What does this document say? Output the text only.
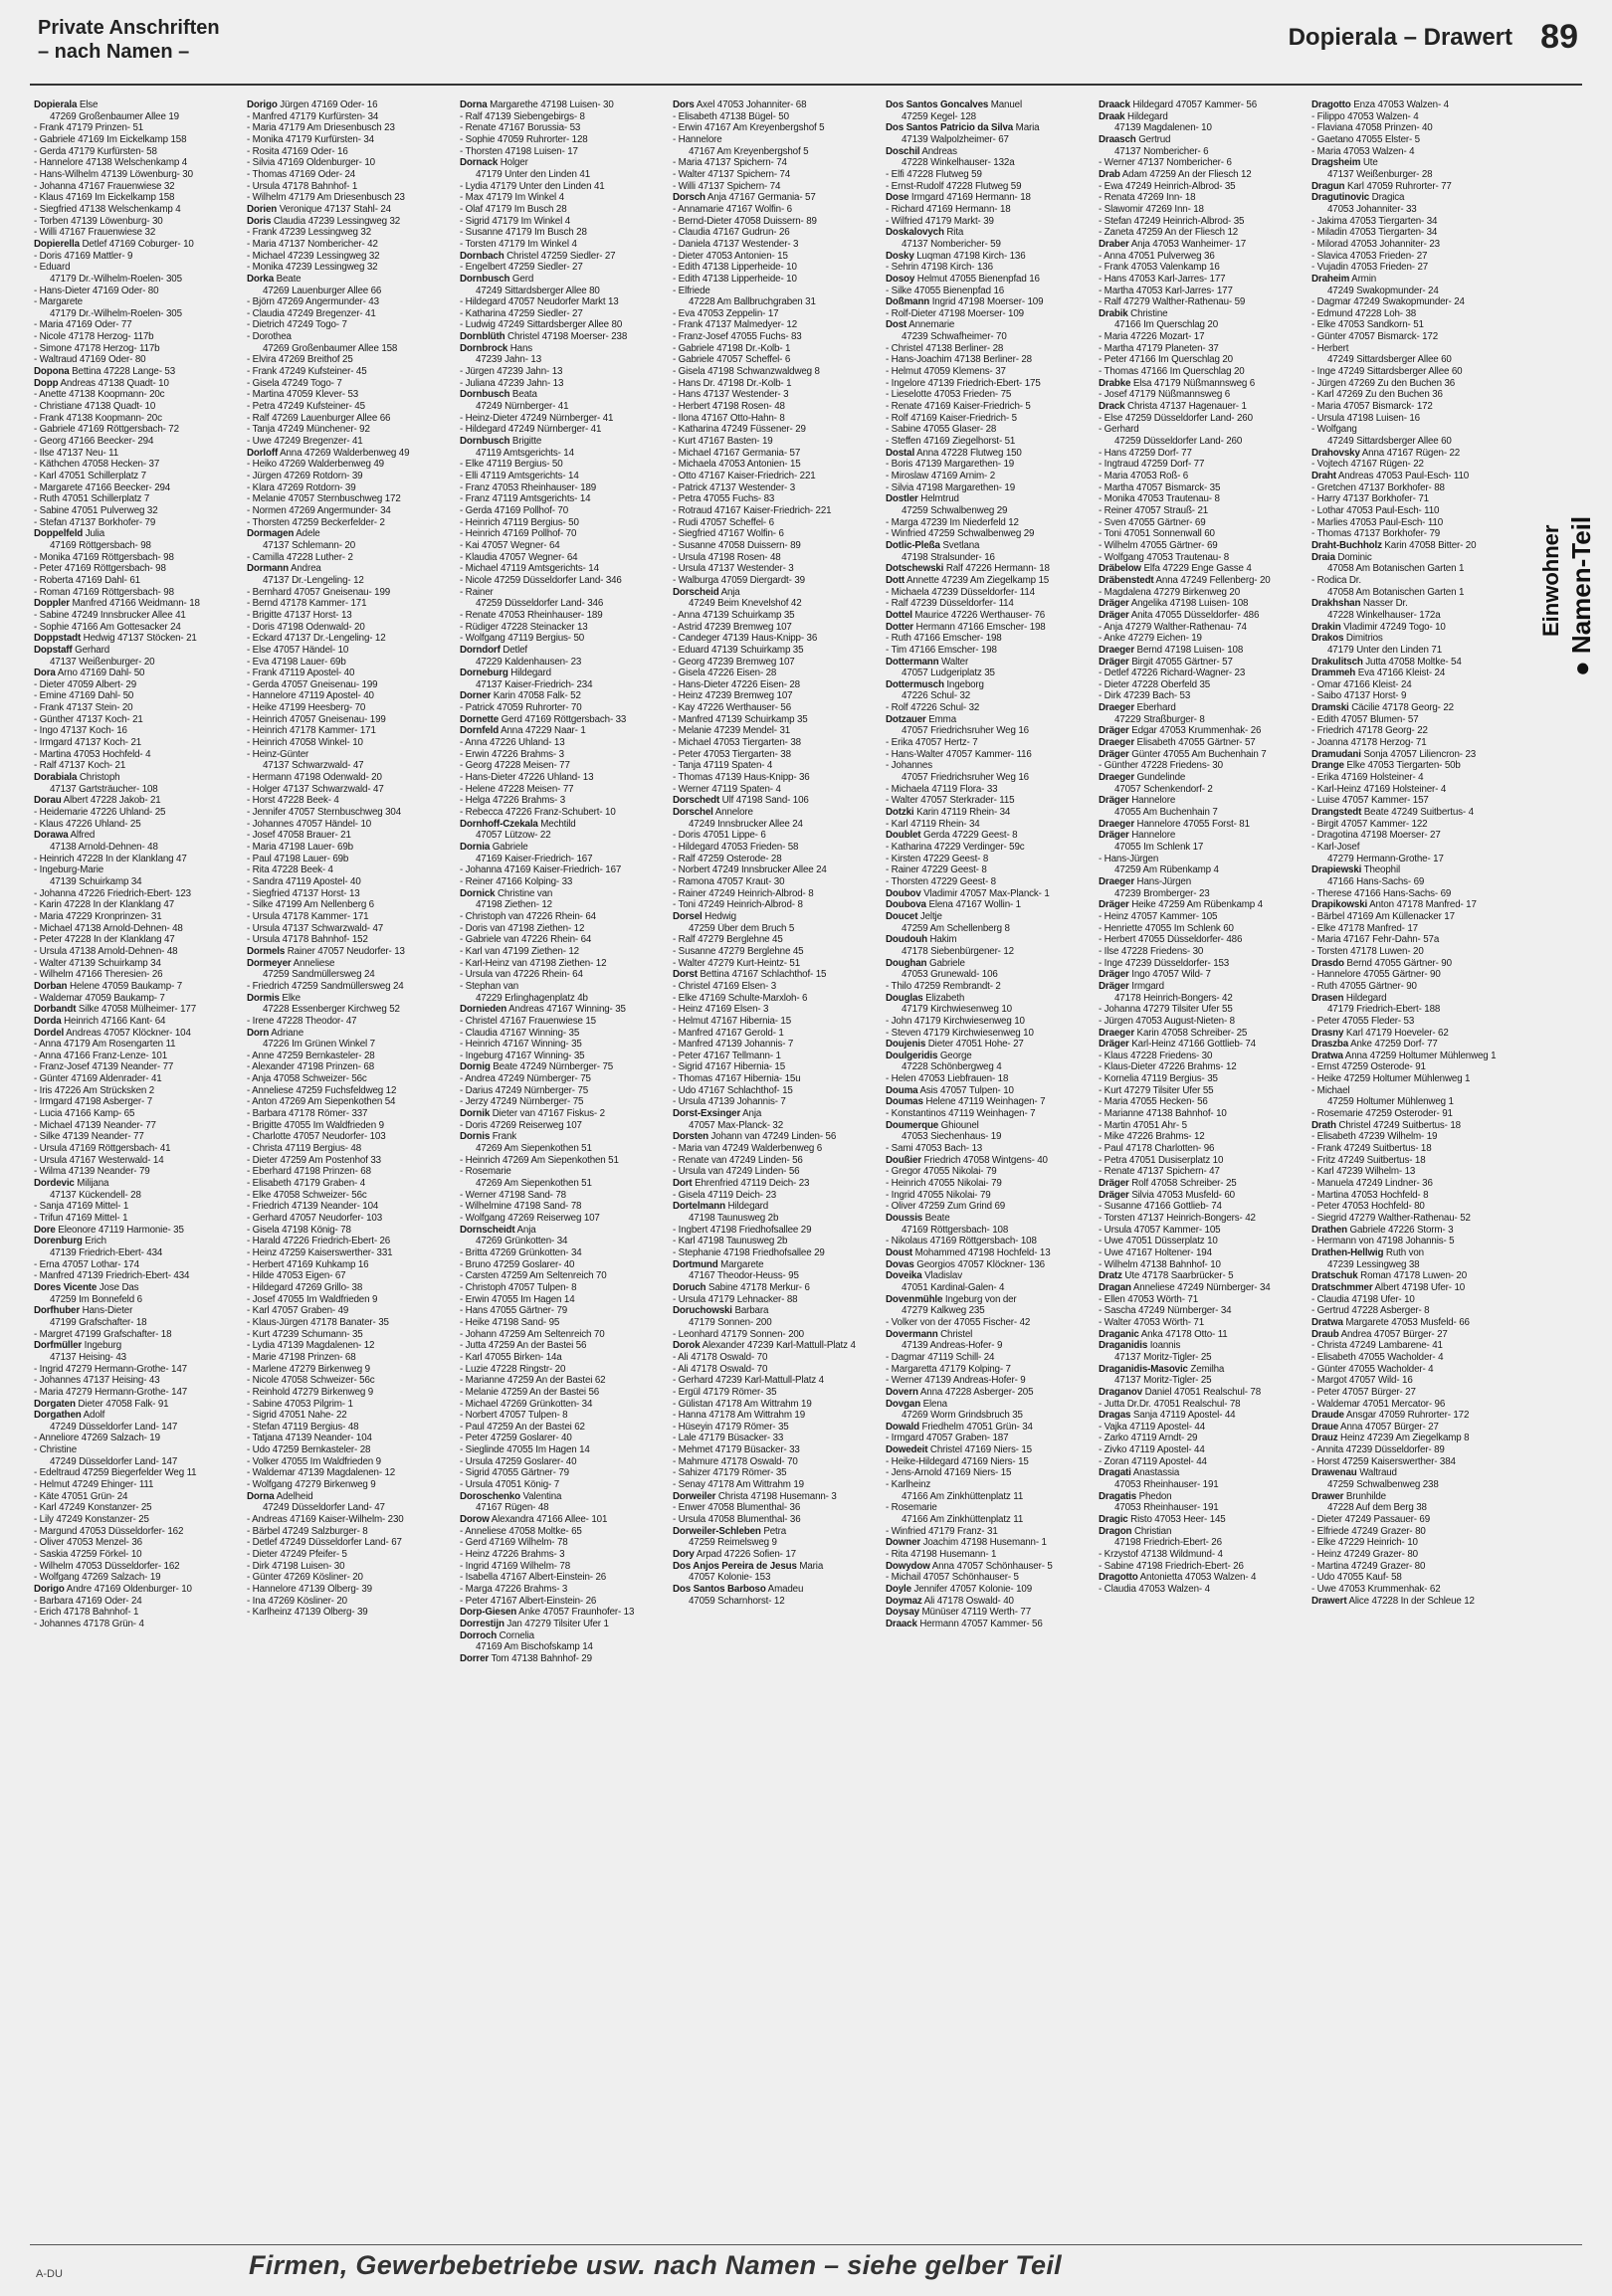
Private Anschriften
– nach Namen –
Dopierala – Drawert 89
Dopierala Else
47269 Großenbaumer Allee 19
- Frank 47179 Prinzen- 51
- Gabriele 47169 Im Eickelkamp 158
- Gerda 47179 Kurfürsten- 58
- Hannelore 47138 Welschenkamp 4
- Hans-Wilhelm 47139 Löwenburg- 30
- Johanna 47167 Frauenwiese 32
- Klaus 47169 Im Eickelkamp 158
- Siegfried 47138 Welschenkamp 4
- Torben 47139 Löwenburg- 30
- Willi 47167 Frauenwiese 32
Dopierella Detlef 47169 Coburger- 10
- Doris 47169 Mattler- 9
- Eduard
47179 Dr.-Wilhelm-Roelen- 305
- Hans-Dieter 47169 Oder- 80
- Margarete
47179 Dr.-Wilhelm-Roelen- 305
- Maria 47169 Oder- 77
- Nicole 47178 Herzog- 117b
- Simone 47178 Herzog- 117b
- Waltraud 47169 Oder- 80
Dopona Bettina 47228 Lange- 53
Dopp Andreas 47138 Quadt- 10
- Anette 47138 Koopmann- 20c
- Christiane 47138 Quadt- 10
- Frank 47138 Koopmann- 20c
- Gabriele 47169 Röttgersbach- 72
- Georg 47166 Beecker- 294
- Ilse 47137 Neu- 11
- Käthchen 47058 Hecken- 37
- Karl 47051 Schillerplatz 7
- Margarete 47166 Beecker- 294
- Ruth 47051 Schillerplatz 7
- Sabine 47051 Pulverweg 32
- Stefan 47137 Borkhofer- 79
Doppelfeld Julia
47169 Röttgersbach- 98
- Monika 47169 Röttgersbach- 98
- Peter 47169 Röttgersbach- 98
- Roberta 47169 Dahl- 61
- Roman 47169 Röttgersbach- 98
Doppler Manfred 47166 Weidmann- 18
- Sabine 47249 Innsbrucker Allee 41
- Sophie 47166 Am Gottesacker 24
Doppstadt Hedwig 47137 Stöcken- 21
Dopstaff Gerhard
47137 Weißenburger- 20
Dora Arno 47169 Dahl- 50
- Dieter 47059 Albert- 29
- Emine 47169 Dahl- 50
- Frank 47137 Stein- 20
- Günther 47137 Koch- 21
- Ingo 47137 Koch- 16
- Irmgard 47137 Koch- 21
- Martina 47053 Hochfeld- 4
- Ralf 47137 Koch- 21
Dorabiala Christoph
47137 Gartsträucher- 108
Dorau Albert 47228 Jakob- 21
- Heidemarie 47226 Uhland- 25
- Klaus 47226 Uhland- 25
Dorawa Alfred
47138 Arnold-Dehnen- 48
- Heinrich 47228 In der Klanklang 47
- Ingeburg-Marie
47139 Schuirkamp 34
- Johanna 47226 Friedrich-Ebert- 123
- Karin 47228 In der Klanklang 47
- Maria 47229 Kronprinzen- 31
- Michael 47138 Arnold-Dehnen- 48
- Peter 47228 In der Klanklang 47
- Ursula 47138 Arnold-Dehnen- 48
- Walter 47139 Schuirkamp 34
- Wilhelm 47166 Theresien- 26
Dorban Helene 47059 Baukamp- 7
- Waldemar 47059 Baukamp- 7
Dorbandt Silke 47058 Mülheimer- 177
Dorda Heinrich 47166 Kant- 64
Dordel Andreas 47057 Klöckner- 104
- Anna 47179 Am Rosengarten 11
- Anna 47166 Franz-Lenze- 101
- Franz-Josef 47139 Neander- 77
- Günter 47169 Aldenrader- 41
- Iris 47226 Am Strücksken 2
- Irmgard 47198 Asberger- 7
- Lucia 47166 Kamp- 65
- Michael 47139 Neander- 77
- Silke 47139 Neander- 77
- Ursula 47169 Röttgersbach- 41
- Ursula 47167 Westerwald- 14
- Wilma 47139 Neander- 79
Dordevic Milijana
47137 Kückendell- 28
- Sanja 47169 Mittel- 1
- Trifun 47169 Mittel- 1
Dore Eleonore 47119 Harmonie- 35
Dorenburg Erich
47139 Friedrich-Ebert- 434
- Erna 47057 Lothar- 174
- Manfred 47139 Friedrich-Ebert- 434
Dores Vicente Jose Das
47259 Im Bonnefeld 6
Dorfhuber Hans-Dieter
47199 Grafschafter- 18
- Margret 47199 Grafschafter- 18
Dorfmüller Ingeburg
47137 Heising- 43
- Ingrid 47279 Hermann-Grothe- 147
- Johannes 47137 Heising- 43
- Maria 47279 Hermann-Grothe- 147
Dorgaten Dieter 47058 Falk- 91
Dorgathen Adolf
47249 Düsseldorfer Land- 147
- Anneliore 47269 Salzach- 19
- Christine
47249 Düsseldorfer Land- 147
- Edeltraud 47259 Biegerfelder Weg 11
- Helmut 47249 Ehinger- 111
- Käte 47051 Grün- 24
- Karl 47249 Konstanzer- 25
- Lily 47249 Konstanzer- 25
- Margund 47053 Düsseldorfer- 162
- Oliver 47053 Menzel- 36
- Saskia 47259 Förkel- 10
- Wilhelm 47053 Düsseldorfer- 162
- Wolfgang 47269 Salzach- 19
Dorigo Andre 47169 Oldenburger- 10
- Barbara 47169 Oder- 24
- Erich 47178 Bahnhof- 1
- Johannes 47178 Grün- 4
Dorigo Jürgen 47169 Oder- 16
- Manfred 47179 Kurfürsten- 34
- Maria 47179 Am Driesenbusch 23
- Monika 47179 Kurfürsten- 34
- Rosita 47169 Oder- 16
- Silvia 47169 Oldenburger- 10
- Thomas 47169 Oder- 24
- Ursula 47178 Bahnhof- 1
- Wilhelm 47179 Am Driesenbusch 23
Dorien Veronique 47137 Stahl- 24
Doris Claudia 47239 Lessingweg 32
- Frank 47239 Lessingweg 32
- Maria 47137 Nombericher- 42
- Michael 47239 Lessingweg 32
- Monika 47239 Lessingweg 32
Dorka Beate
47269 Lauenburger Allee 66
- Björn 47269 Angermunder- 43
- Claudia 47249 Bregenzer- 41
- Dietrich 47249 Togo- 7
- Dorothea
47269 Großenbaumer Allee 158
- Elvira 47269 Breithof 25
- Frank 47249 Kufsteiner- 45
- Gisela 47249 Togo- 7
- Martina 47059 Klever- 53
- Petra 47249 Kufsteiner- 45
- Ralf 47269 Lauenburger Allee 66
- Tanja 47249 Münchener- 92
- Uwe 47249 Bregenzer- 41
Dorloff Anna 47269 Walderbenweg 49
- Heiko 47269 Walderbenweg 49
- Jürgen 47269 Rotdorn- 39
- Klara 47269 Rotdorn- 39
- Melanie 47057 Sternbuschweg 172
- Normen 47269 Angermunder- 34
- Thorsten 47259 Beckerfelder- 2
Dormagen Adele
47137 Schlemann- 20
- Camilla 47228 Luther- 2
Dormann Andrea
47137 Dr.-Lengeling- 12
- Bernhard 47057 Gneisenau- 199
- Bernd 47178 Kammer- 171
- Brigitte 47137 Horst- 13
- Doris 47198 Odenwald- 20
- Eckard 47137 Dr.-Lengeling- 12
- Else 47057 Händel- 10
- Eva 47198 Lauer- 69b
- Frank 47119 Apostel- 40
- Gerda 47057 Gneisenau- 199
- Hannelore 47119 Apostel- 40
- Heike 47199 Heesberg- 70
- Heinrich 47057 Gneisenau- 199
- Heinrich 47178 Kammer- 171
- Heinrich 47058 Winkel- 10
- Heinz-Günter
47137 Schwarzwald- 47
- Hermann 47198 Odenwald- 20
- Holger 47137 Schwarzwald- 47
- Horst 47228 Beek- 4
- Jennifer 47057 Sternbuschweg 304
- Johannes 47057 Händel- 10
- Josef 47058 Brauer- 21
- Maria 47198 Lauer- 69b
- Paul 47198 Lauer- 69b
- Rita 47228 Beek- 4
- Sandra 47119 Apostel- 40
- Siegfried 47137 Horst- 13
- Silke 47199 Am Nellenberg 6
- Ursula 47178 Kammer- 171
- Ursula 47137 Schwarzwald- 47
- Ursula 47178 Bahnhof- 152
Dormels Rainer 47057 Neudorfer- 13
Dormeyer Anneliese
47259 Sandmüllersweg 24
- Friedrich 47259 Sandmüllersweg 24
Dormis Elke
47228 Essenberger Kirchweg 52
- Irene 47228 Theodor- 47
Dorn Adriane
47226 Im Grünen Winkel 7
- Anne 47259 Bernkasteler- 28
- Alexander 47198 Prinzen- 68
- Anja 47058 Schweizer- 56c
- Anneliese 47259 Fuchsfeldweg 12
- Anton 47269 Am Siepenkothen 54
- Barbara 47178 Römer- 337
- Brigitte 47055 Im Waldfrieden 9
- Charlotte 47057 Neudorfer- 103
- Christa 47119 Bergius- 48
- Dieter 47259 Am Postenhof 33
- Eberhard 47198 Prinzen- 68
- Elisabeth 47179 Graben- 4
- Elke 47058 Schweizer- 56c
- Friedrich 47139 Neander- 104
- Gerhard 47057 Neudorfer- 103
- Gisela 47198 König- 78
- Harald 47226 Friedrich-Ebert- 26
- Heinz 47259 Kaiserswerther- 331
- Herbert 47169 Kuhkamp 16
- Hilde 47053 Eigen- 67
- Hildegard 47269 Grillo- 38
- Josef 47055 Im Waldfrieden 9
- Karl 47057 Graben- 49
- Klaus-Jürgen 47178 Banater- 35
- Kurt 47239 Schumann- 35
- Lydia 47139 Magdalenen- 12
- Marie 47198 Prinzen- 68
- Marlene 47279 Birkenweg 9
- Nicole 47058 Schweizer- 56c
- Reinhold 47279 Birkenweg 9
- Sabine 47053 Pilgrim- 1
- Sigrid 47051 Nahe- 22
- Stefan 47119 Bergius- 48
- Tatjana 47139 Neander- 104
- Udo 47259 Bernkasteler- 28
- Volker 47055 Im Waldfrieden 9
- Waldemar 47139 Magdalenen- 12
- Wolfgang 47279 Birkenweg 9
Dorna Adelheid
47249 Düsseldorfer Land- 47
- Andreas 47169 Kaiser-Wilhelm- 230
- Bärbel 47249 Salzburger- 8
- Detlef 47249 Düsseldorfer Land- 67
- Dieter 47249 Pfeifer- 5
- Dirk 47198 Luisen- 30
- Günter 47269 Kösliner- 20
- Hannelore 47139 Ölberg- 39
- Ina 47269 Kösliner- 20
- Karlheinz 47139 Ölberg- 39
Dorna Margarethe 47198 Luisen- 30
- Ralf 47139 Siebengebirgs- 8
- Renate 47167 Borussia- 53
- Sophie 47059 Ruhrorter- 128
- Thorsten 47198 Luisen- 17
Dornack Holger
47179 Unter den Linden 41
- Lydia 47179 Unter den Linden 41
- Max 47179 Im Winkel 4
- Olaf 47179 Im Busch 28
- Sigrid 47179 Im Winkel 4
- Susanne 47179 Im Busch 28
- Torsten 47179 Im Winkel 4
Dornbach Christel 47259 Siedler- 27
- Engelbert 47259 Siedler- 27
Dornbusch Gerd
47249 Sittardsberger Allee 80
- Hildegard 47057 Neudorfer Markt 13
- Katharina 47259 Siedler- 27
- Ludwig 47249 Sittardsberger Allee 80
Dornblüth Christel 47198 Moerser- 238
Dornbrock Hans
47239 Jahn- 13
- Jürgen 47239 Jahn- 13
- Juliana 47239 Jahn- 13
Dornbusch Beata
47249 Nürnberger- 41
- Heinz-Dieter 47249 Nürnberger- 41
- Hildegard 47249 Nürnberger- 41
Dornbusch Brigitte
47119 Amtsgerichts- 14
- Elke 47119 Bergius- 50
- Elli 47119 Amtsgerichts- 14
- Franz 47053 Rheinhauser- 189
- Franz 47119 Amtsgerichts- 14
- Gerda 47169 Pollhof- 70
- Heinrich 47119 Bergius- 50
- Heinrich 47169 Pollhof- 70
- Kai 47057 Wegner- 64
- Klaudia 47057 Wegner- 64
- Michael 47119 Amtsgerichts- 14
- Nicole 47259 Düsseldorfer Land- 346
- Rainer
47259 Düsseldorfer Land- 346
- Renate 47053 Rheinhauser- 189
- Rüdiger 47228 Steinacker 13
- Wolfgang 47119 Bergius- 50
Dorndorf Detlef
47229 Kaldenhausen- 23
Dorneburg Hildegard
47137 Kaiser-Friedrich- 234
Dorner Karin 47058 Falk- 52
- Patrick 47059 Ruhrorter- 70
Dornette Gerd 47169 Röttgersbach- 33
Dornfeld Anna 47229 Naar- 1
- Anna 47226 Uhland- 13
- Erwin 47226 Brahms- 3
- Georg 47228 Meisen- 77
- Hans-Dieter 47226 Uhland- 13
- Helene 47228 Meisen- 77
- Helga 47226 Brahms- 3
- Rebecca 47226 Franz-Schubert- 10
Dornhoff-Czekala Mechtild
47057 Lützow- 22
Dornia Gabriele
47169 Kaiser-Friedrich- 167
- Johanna 47169 Kaiser-Friedrich- 167
- Reiner 47166 Kolping- 33
Dornick Christine van
47198 Ziethen- 12
- Christoph van 47226 Rhein- 64
- Doris van 47198 Ziethen- 12
- Gabriele van 47226 Rhein- 64
- Karl van 47199 Ziethen- 12
- Karl-Heinz van 47198 Ziethen- 12
- Ursula van 47226 Rhein- 64
- Stephan van
47229 Erlinghagenplatz 4b
Dornieden Andreas 47167 Winning- 35
- Christel 47167 Frauenwiese 15
- Claudia 47167 Winning- 35
- Heinrich 47167 Winning- 35
- Ingeburg 47167 Winning- 35
Dornig Beate 47249 Nürnberger- 75
- Andrea 47249 Nürnberger- 75
- Darius 47249 Nürnberger- 75
- Jerzy 47249 Nürnberger- 75
Dornik Dieter van 47167 Fiskus- 2
- Doris 47269 Reiserweg 107
Dornis Frank
47269 Am Siepenkothen 51
- Heinrich 47269 Am Siepenkothen 51
- Rosemarie
47269 Am Siepenkothen 51
- Werner 47198 Sand- 78
- Wilhelmine 47198 Sand- 78
- Wolfgang 47269 Reiserweg 107
Dornscheidt Anja
47269 Grünkotten- 34
- Britta 47269 Grünkotten- 34
- Bruno 47259 Goslarer- 40
- Carsten 47259 Am Seltenreich 70
- Christoph 47057 Tulpen- 8
- Erwin 47055 Im Hagen 14
- Hans 47055 Gärtner- 79
- Heike 47198 Sand- 95
- Johann 47259 Am Seltenreich 70
- Jutta 47259 An der Bastei 56
- Karl 47055 Birken- 14a
- Luzie 47228 Ringstr- 20
- Marianne 47259 An der Bastei 62
- Melanie 47259 An der Bastei 56
- Michael 47269 Grünkotten- 34
- Norbert 47057 Tulpen- 8
- Paul 47259 An der Bastei 62
- Peter 47259 Goslarer- 40
- Sieglinde 47055 Im Hagen 14
- Ursula 47259 Goslarer- 40
- Sigrid 47055 Gärtner- 79
- Ursula 47051 König- 7
Doroschenko Valentina
47167 Rügen- 48
Dorow Alexandra 47166 Allee- 101
- Anneliese 47058 Moltke- 65
- Gerd 47169 Wilhelm- 78
- Heinz 47226 Brahms- 3
- Ingrid 47169 Wilhelm- 78
- Isabella 47167 Albert-Einstein- 26
- Marga 47226 Brahms- 3
- Peter 47167 Albert-Einstein- 26
Dorp-Giesen Anke 47057 Fraunhofer- 13
Dorrestijn Jan 47279 Tilsiter Ufer 1
Dorroch Cornelia
47169 Am Bischofskamp 14
Dorrer Tom 47138 Bahnhof- 29
Dors Axel 47053 Johanniter- 68
- Elisabeth 47138 Bügel- 50
- Erwin 47167 Am Kreyenbergshof 5
- Hannelore
47167 Am Kreyenbergshof 5
- Maria 47137 Spichern- 74
- Walter 47137 Spichern- 74
- Willi 47137 Spichern- 74
Dorsch Anja 47167 Germania- 57
- Annamarie 47167 Wolfin- 6
- Bernd-Dieter 47058 Duissern- 89
- Claudia 47167 Gudrun- 26
- Daniela 47137 Westender- 3
- Dieter 47053 Antonien- 15
- Edith 47138 Lipperheide- 10
- Edith 47138 Lipperheide- 10
- Elfriede
47228 Am Ballbruchgraben 31
- Eva 47053 Zeppelin- 17
- Frank 47137 Malmedyer- 12
- Franz-Josef 47055 Fuchs- 83
- Gabriele 47198 Dr.-Kolb- 1
- Gabriele 47057 Scheffel- 6
- Gisela 47198 Schwanzwaldweg 8
- Hans Dr. 47198 Dr.-Kolb- 1
- Hans 47137 Westender- 3
- Herbert 47198 Rosen- 48
- Ilona 47167 Otto-Hahn- 8
- Katharina 47249 Füssener- 29
- Kurt 47167 Basten- 19
- Michael 47167 Germania- 57
- Michaela 47053 Antonien- 15
- Otto 47167 Kaiser-Friedrich- 221
- Patrick 47137 Westender- 3
- Petra 47055 Fuchs- 83
- Rotraud 47167 Kaiser-Friedrich- 221
- Rudi 47057 Scheffel- 6
- Siegfried 47167 Wolfin- 6
- Susanne 47058 Duissern- 89
- Ursula 47198 Rosen- 48
- Ursula 47137 Westender- 3
- Walburga 47059 Diergardt- 39
Dorscheid Anja
47249 Beim Knevelshof 42
- Anna 47139 Schuirkamp 35
- Astrid 47239 Bremweg 107
- Candeger 47139 Haus-Knipp- 36
- Eduard 47139 Schuirkamp 35
- Georg 47239 Bremweg 107
- Gisela 47226 Eisen- 28
- Hans-Dieter 47226 Eisen- 28
- Heinz 47239 Bremweg 107
- Kay 47226 Werthauser- 56
- Manfred 47139 Schuirkamp 35
- Melanie 47239 Mendel- 31
- Michael 47053 Tiergarten- 38
- Peter 47053 Tiergarten- 38
- Tanja 47119 Spaten- 4
- Thomas 47139 Haus-Knipp- 36
- Werner 47119 Spaten- 4
Dorschedt Ulf 47198 Sand- 106
Dorschel Annelore
47249 Innsbrucker Allee 24
- Doris 47051 Lippe- 6
- Hildegard 47053 Frieden- 58
- Ralf 47259 Osterode- 28
- Norbert 47249 Innsbrucker Allee 24
- Ramona 47057 Kraut- 30
- Rainer 47249 Heinrich-Albrod- 8
- Toni 47249 Heinrich-Albrod- 8
Dorsel Hedwig
47259 Über dem Bruch 5
- Ralf 47279 Berglehne 45
- Susanne 47279 Berglehne 45
- Walter 47279 Kurt-Heintz- 51
Dorst Bettina 47167 Schlachthof- 15
- Christel 47169 Elsen- 3
- Elke 47169 Schulte-Marxloh- 6
- Heinz 47169 Elsen- 3
- Helmut 47167 Hibernia- 15
- Manfred 47167 Gerold- 1
- Manfred 47139 Johannis- 7
- Peter 47167 Tellmann- 1
- Sigrid 47167 Hibernia- 15
- Thomas 47167 Hibernia- 15u
- Udo 47167 Schlachthof- 15
- Ursula 47139 Johannis- 7
Dorst-Exsinger Anja
47057 Max-Planck- 32
Dorsten Johann van 47249 Linden- 56
- Maria van 47249 Walderbenweg 6
- Renate van 47249 Linden- 56
- Ursula van 47249 Linden- 56
Dort Ehrenfried 47119 Deich- 23
- Gisela 47119 Deich- 23
Dortelmann Hildegard
47198 Taunusweg 2b
- Ingbert 47198 Friedhofsallee 29
- Karl 47198 Taunusweg 2b
- Stephanie 47198 Friedhofsallee 29
Dortmund Margarete
47167 Theodor-Heuss- 95
Doruch Sabine 47178 Merkur- 6
- Ursula 47179 Lehnacker- 88
Doruchowski Barbara
47179 Sonnen- 200
- Leonhard 47179 Sonnen- 200
Dorok Alexander 47239 Karl-Mattull-Platz 4
- Ali 47178 Oswald- 70
- Ali 47178 Oswald- 70
- Gerhard 47239 Karl-Mattull-Platz 4
- Ergül 47179 Römer- 35
- Gülistan 47178 Am Wittrahm 19
- Hanna 47178 Am Wittrahm 19
- Hüseyin 47179 Römer- 35
- Lale 47179 Büsacker- 33
- Mehmet 47179 Büsacker- 33
- Mahmure 47178 Oswald- 70
- Sahizer 47179 Römer- 35
- Senay 47178 Am Wittrahm 19
Dorweiler Christa 47198 Husemann- 3
- Enwer 47058 Blumenthal- 36
- Ursula 47058 Blumenthal- 36
Dorweiler-Schleben Petra
47259 Reimelsweg 9
Dory Arpad 47226 Sofien- 17
Dos Anjos Pereira de Jesus Maria
47057 Kolonie- 153
Dos Santos Barboso Amadeu
47059 Scharnhorst- 12
Dos Santos Goncalves Manuel
47259 Kegel- 128
Dos Santos Patricio da Silva Maria
47139 Walpolzheimer- 67
Doschil Andreas
47228 Winkelhauser- 132a
- Elfi 47228 Flutweg 59
- Ernst-Rudolf 47228 Flutweg 59
Dose Irmgard 47169 Hermann- 18
- Richard 47169 Hermann- 18
- Wilfried 47179 Markt- 39
Doskalovych Rita
47137 Nombericher- 59
Dosky Luqman 47198 Kirch- 136
- Sehrin 47198 Kirch- 136
Dosoy Helmut 47055 Bienenpfad 16
- Silke 47055 Bienenpfad 16
Doßmann Ingrid 47198 Moerser- 109
- Rolf-Dieter 47198 Moerser- 109
Dost Annemarie
47239 Schwafheimer- 70
- Christel 47138 Berliner- 28
- Hans-Joachim 47138 Berliner- 28
- Helmut 47059 Klemens- 37
- Ingelore 47139 Friedrich-Ebert- 175
- Lieselotte 47053 Frieden- 75
- Renate 47169 Kaiser-Friedrich- 5
- Rolf 47169 Kaiser-Friedrich- 5
- Sabine 47055 Glaser- 28
- Steffen 47169 Ziegelhorst- 51
Dostal Anna 47228 Flutweg 150
- Boris 47139 Margarethen- 19
- Miroslaw 47169 Arnim- 2
- Silvia 47198 Margarethen- 19
Dostler Helmtrud
47259 Schwalbenweg 29
- Marga 47239 Im Niederfeld 12
- Winfried 47259 Schwalbenweg 29
Dotlic-Pleßa Svetlana
47198 Stralsunder- 16
Dotschewski Ralf 47226 Hermann- 18
Dott Annette 47239 Am Ziegelkamp 15
- Michaela 47239 Düsseldorfer- 114
- Ralf 47239 Düsseldorfer- 114
Dottel Maurice 47226 Werthauser- 76
Dotter Hermann 47166 Emscher- 198
- Ruth 47166 Emscher- 198
- Tim 47166 Emscher- 198
Dottermann Walter
47057 Ludgeriplatz 35
Dottermusch Ingeborg
47226 Schul- 32
- Rolf 47226 Schul- 32
Dotzauer Emma
47057 Friedrichsruher Weg 16
- Erika 47057 Hertz- 7
- Hans-Walter 47057 Kammer- 116
- Johannes
47057 Friedrichsruher Weg 16
- Michaela 47119 Flora- 33
- Walter 47057 Sterkrader- 115
Dotzki Karin 47119 Rhein- 34
- Karl 47119 Rhein- 34
Doublet Gerda 47229 Geest- 8
- Katharina 47229 Verdinger- 59c
- Kirsten 47229 Geest- 8
- Rainer 47229 Geest- 8
- Thorsten 47229 Geest- 8
Doubov Vladimir 47057 Max-Planck- 1
Doubova Elena 47167 Wollin- 1
Doucet Jeltje
47259 Am Schellenberg 8
Doudouh Hakim
47178 Siebenbürgener- 12
Doughan Gabriele
47053 Grunewald- 106
- Thilo 47259 Rembrandt- 2
Douglas Elizabeth
47179 Kirchwiesenweg 10
- John 47179 Kirchwiesenweg 10
- Steven 47179 Kirchwiesenweg 10
Doujenis Dieter 47051 Hohe- 27
Doulgeridis George
47228 Schönbergweg 4
- Helen 47053 Liebfrauen- 18
Douma Asis 47057 Tulpen- 10
Doumas Helene 47119 Weinhagen- 7
- Konstantinos 47119 Weinhagen- 7
Doumerque Ghiounel
47053 Siechenhaus- 19
- Sami 47053 Bach- 13
Doußier Friedrich 47058 Wintgens- 40
- Gregor 47055 Nikolai- 79
- Heinrich 47055 Nikolai- 79
- Ingrid 47055 Nikolai- 79
- Oliver 47259 Zum Grind 69
Doussis Beate
47169 Röttgersbach- 108
- Nikolaus 47169 Röttgersbach- 108
Doust Mohammed 47198 Hochfeld- 13
Dovas Georgios 47057 Klöckner- 136
Doveika Vladislav
47051 Kardinal-Galen- 4
Dovenmühle Ingeburg von der
47279 Kalkweg 235
- Volker von der 47055 Fischer- 42
Dovermann Christel
47139 Andreas-Hofer- 9
- Dagmar 47119 Schill- 24
- Margaretta 47179 Kolping- 7
- Werner 47139 Andreas-Hofer- 9
Dovern Anna 47228 Asberger- 205
Dovgan Elena
47269 Worm Grindsbruch 35
Dowald Friedhelm 47051 Grün- 34
- Irmgard 47057 Graben- 187
Dowedeit Christel 47169 Niers- 15
- Heike-Hildegard 47169 Niers- 15
- Jens-Arnold 47169 Niers- 15
- Karlheinz
47166 Am Zinkhüttenplatz 11
- Rosemarie
47166 Am Zinkhüttenplatz 11
- Winfried 47179 Franz- 31
Downer Joachim 47198 Husemann- 1
- Rita 47198 Husemann- 1
Dowydow Anna 47057 Schönhauser- 5
- Michail 47057 Schönhauser- 5
Doyle Jennifer 47057 Kolonie- 109
Doymaz Ali 47178 Oswald- 40
Doysay Münüser 47119 Werth- 77
Draack Hermann 47057 Kammer- 56
Draack Hildegard 47057 Kammer- 56
Draak Hildegard
47139 Magdalenen- 10
Draasch Gertrud
47137 Nombericher- 6
- Werner 47137 Nombericher- 6
Drab Adam 47259 An der Fliesch 12
- Ewa 47249 Heinrich-Albrod- 35
- Renata 47269 Inn- 18
- Slawomir 47269 Inn- 18
- Stefan 47249 Heinrich-Albrod- 35
- Zaneta 47259 An der Fliesch 12
Draber Anja 47053 Wanheimer- 17
- Anna 47051 Pulverweg 36
- Frank 47053 Valenkamp 16
- Hans 47053 Karl-Jarres- 177
- Martha 47053 Karl-Jarres- 177
- Ralf 47279 Walther-Rathenau- 59
Drabik Christine
47166 Im Querschlag 20
- Maria 47226 Mozart- 17
- Martha 47179 Planeten- 37
- Peter 47166 Im Querschlag 20
- Thomas 47166 Im Querschlag 20
Drabke Elsa 47179 Nüßmannsweg 6
- Josef 47179 Nüßmannsweg 6
Drack Christa 47137 Hagenauer- 1
- Else 47259 Düsseldorfer Land- 260
- Gerhard
47259 Düsseldorfer Land- 260
- Hans 47259 Dorf- 77
- Ingtraud 47259 Dorf- 77
- Maria 47053 Roß- 6
- Martha 47057 Bismarck- 35
- Monika 47053 Trautenau- 8
- Reiner 47057 Strauß- 21
- Sven 47055 Gärtner- 69
- Toni 47051 Sonnenwall 60
- Wilhelm 47055 Gärtner- 69
- Wolfgang 47053 Trautenau- 8
Dräbelow Elfa 47229 Enge Gasse 4
Dräbenstedt Anna 47249 Fellenberg- 20
- Magdalena 47279 Birkenweg 20
Dräger Angelika 47198 Luisen- 108
Dräger Anita 47055 Düsseldorfer- 486
- Anja 47279 Walther-Rathenau- 74
- Anke 47279 Eichen- 19
Draeger Bernd 47198 Luisen- 108
Dräger Birgit 47055 Gärtner- 57
- Detlef 47226 Richard-Wagner- 23
- Dieter 47228 Oberfeld 35
- Dirk 47239 Bach- 53
Draeger Eberhard
47229 Straßburger- 8
Dräger Edgar 47053 Krummenhak- 26
Draeger Elisabeth 47055 Gärtner- 57
Dräger Günter 47055 Am Buchenhain 7
- Günther 47228 Friedens- 30
Draeger Gundelinde
47057 Schenkendorf- 2
Dräger Hannelore
47055 Am Buchenhain 7
Draeger Hannelore 47055 Forst- 81
Dräger Hannelore
47055 Im Schlenk 17
- Hans-Jürgen
47259 Am Rübenkamp 4
Draeger Hans-Jürgen
47239 Bromberger- 23
Dräger Heike 47259 Am Rübenkamp 4
- Heinz 47057 Kammer- 105
- Henriette 47055 Im Schlenk 60
- Herbert 47055 Düsseldorfer- 486
- Ilse 47228 Friedens- 30
- Inge 47239 Düsseldorfer- 153
Dräger Ingo 47057 Wild- 7
Dräger Irmgard
47178 Heinrich-Bongers- 42
- Johanna 47279 Tilsiter Ufer 55
- Jürgen 47053 August-Nieten- 8
Draeger Karin 47058 Schreiber- 25
Dräger Karl-Heinz 47166 Gottlieb- 74
- Klaus 47228 Friedens- 30
- Klaus-Dieter 47226 Brahms- 12
- Kornelia 47119 Bergius- 35
- Kurt 47279 Tilsiter Ufer 55
- Maria 47055 Hecken- 56
- Marianne 47138 Bahnhof- 10
- Martin 47051 Ahr- 5
- Mike 47226 Brahms- 12
- Paul 47178 Charlotten- 96
- Petra 47051 Dusiserplatz 10
- Renate 47137 Spichern- 47
Dräger Rolf 47058 Schreiber- 25
Dräger Silvia 47053 Musfeld- 60
- Susanne 47166 Gottlieb- 74
- Torsten 47137 Heinrich-Bongers- 42
- Ursula 47057 Kammer- 105
- Uwe 47051 Düsserplatz 10
- Uwe 47167 Holtener- 194
- Wilhelm 47138 Bahnhof- 10
Dratz Ute 47178 Saarbrücker- 5
Dragan Anneliese 47249 Nürnberger- 34
- Ellen 47053 Wörth- 71
- Sascha 47249 Nürnberger- 34
- Walter 47053 Wörth- 71
Draganic Anka 47178 Otto- 11
Draganidis Ioannis
47137 Moritz-Tigler- 25
Draganidis-Masovic Zemilha
47137 Moritz-Tigler- 25
Draganov Daniel 47051 Realschul- 78
- Jutta Dr.Dr. 47051 Realschul- 78
Dragas Sanja 47119 Apostel- 44
- Vajka 47119 Apostel- 44
- Zarko 47119 Arndt- 29
- Zivko 47119 Apostel- 44
- Zoran 47119 Apostel- 44
Dragati Anastassia
47053 Rheinhauser- 191
Dragatis Phedon
47053 Rheinhauser- 191
Dragic Risto 47053 Heer- 145
Dragon Christian
47198 Friedrich-Ebert- 26
- Krzystof 47138 Wildmund- 4
- Sabine 47198 Friedrich-Ebert- 26
Dragotto Antonietta 47053 Walzen- 4
- Claudia 47053 Walzen- 4
Dragotto Enza 47053 Walzen- 4
- Filippo 47053 Walzen- 4
- Flaviana 47058 Prinzen- 40
- Gaetano 47055 Elster- 5
- Maria 47053 Walzen- 4
Dragsheim Ute
47137 Weißenburger- 28
Dragun Karl 47059 Ruhrorter- 77
Dragutinovic Dragica
47053 Johanniter- 33
- Jakima 47053 Tiergarten- 34
- Miladin 47053 Tiergarten- 34
- Milorad 47053 Johanniter- 23
- Slavica 47053 Frieden- 27
- Vujadin 47053 Frieden- 27
Draheim Armin
47249 Swakopmunder- 24
- Dagmar 47249 Swakopmunder- 24
- Edmund 47228 Loh- 38
- Elke 47053 Sandkorn- 51
- Günter 47057 Bismarck- 172
- Herbert
47249 Sittardsberger Allee 60
- Inge 47249 Sittardsberger Allee 60
- Jürgen 47269 Zu den Buchen 36
- Karl 47269 Zu den Buchen 36
- Maria 47057 Bismarck- 172
- Ursula 47198 Luisen- 16
- Wolfgang
47249 Sittardsberger Allee 60
Drahovsky Anna 47167 Rügen- 22
- Vojtech 47167 Rügen- 22
Draht Andreas 47053 Paul-Esch- 110
- Gretchen 47137 Borkhofer- 88
- Harry 47137 Borkhofer- 71
- Lothar 47053 Paul-Esch- 110
- Marlies 47053 Paul-Esch- 110
- Thomas 47137 Borkhofer- 79
Draht-Buchholz Karin 47058 Bitter- 20
Draia Dominic
47058 Am Botanischen Garten 1
- Rodica Dr.
47058 Am Botanischen Garten 1
Drakhshan Nasser Dr.
47228 Winkelhauser- 172a
Drakin Vladimir 47249 Togo- 10
Drakos Dimitrios
47179 Unter den Linden 71
Drakulitsch Jutta 47058 Moltke- 54
Drammeh Eva 47166 Kleist- 24
- Omar 47166 Kleist- 24
- Saibo 47137 Horst- 9
Dramski Cäcilie 47178 Georg- 22
- Edith 47057 Blumen- 57
- Friedrich 47178 Georg- 22
- Joanna 47178 Herzog- 71
Dramudani Sonja 47057 Liliencron- 23
Drange Elke 47053 Tiergarten- 50b
- Erika 47169 Holsteiner- 4
- Karl-Heinz 47169 Holsteiner- 4
- Luise 47057 Kammer- 157
Drangstedt Beate 47249 Suitbertus- 4
- Birgit 47057 Kammer- 122
- Dragotina 47198 Moerser- 27
- Karl-Josef
47279 Hermann-Grothe- 17
Drapiewski Theophil
47166 Hans-Sachs- 69
- Therese 47166 Hans-Sachs- 69
Drapikowski Anton 47178 Manfred- 17
- Bärbel 47169 Am Küllenacker 17
- Elke 47178 Manfred- 17
- Maria 47167 Fehr-Dahn- 57a
- Torsten 47178 Luwen- 20
Drasdo Bernd 47055 Gärtner- 90
- Hannelore 47055 Gärtner- 90
- Ruth 47055 Gärtner- 90
Drasen Hildegard
47179 Friedrich-Ebert- 188
- Peter 47055 Fleder- 53
Drasny Karl 47179 Hoeveler- 62
Draszba Anke 47259 Dorf- 77
Dratwa Anna 47259 Holtumer Mühlenweg 1
- Ernst 47259 Osterode- 91
- Heike 47259 Holtumer Mühlenweg 1
- Michael
47259 Holtumer Mühlenweg 1
- Rosemarie 47259 Osteroder- 91
Drath Christel 47249 Suitbertus- 18
- Elisabeth 47239 Wilhelm- 19
- Frank 47249 Suitbertus- 18
- Fritz 47249 Suitbertus- 18
- Karl 47239 Wilhelm- 13
- Manuela 47249 Lindner- 36
- Martina 47053 Hochfeld- 8
- Peter 47053 Hochfeld- 80
- Siegrid 47279 Walther-Rathenau- 52
Drathen Gabriele 47226 Storm- 3
- Hermann von 47198 Johannis- 5
Drathen-Hellwig Ruth von
47239 Lessingweg 38
Dratschuk Roman 47178 Luwen- 20
Dratschmmer Albert 47198 Ufer- 10
- Claudia 47198 Ufer- 10
- Gertrud 47228 Asberger- 8
Dratwa Margarete 47053 Musfeld- 66
Draub Andrea 47057 Bürger- 27
- Christa 47249 Lambarene- 41
- Elisabeth 47055 Wacholder- 4
- Günter 47055 Wacholder- 4
- Margot 47057 Wild- 16
- Peter 47057 Bürger- 27
- Waldemar 47051 Mercator- 96
Draude Ansgar 47059 Ruhrorter- 172
Draue Anna 47057 Bürger- 27
Drauz Heinz 47239 Am Ziegelkamp 8
- Annita 47239 Düsseldorfer- 89
- Horst 47259 Kaiserswerther- 384
Drawenau Waltraud
47259 Schwalbenweg 238
Drawer Brunhilde
47228 Auf dem Berg 38
- Dieter 47249 Passauer- 69
- Elfriede 47249 Grazer- 80
- Elke 47229 Heinrich- 10
- Heinz 47249 Grazer- 80
- Martina 47249 Grazer- 80
- Udo 47055 Kauf- 58
- Uwe 47053 Krummenhak- 62
Drawert Alice 47228 In der Schleue 12
Einwohner ● Namen-Teil
A-DU	Firmen, Gewerbebetriebe usw. nach Namen – siehe gelber Teil
